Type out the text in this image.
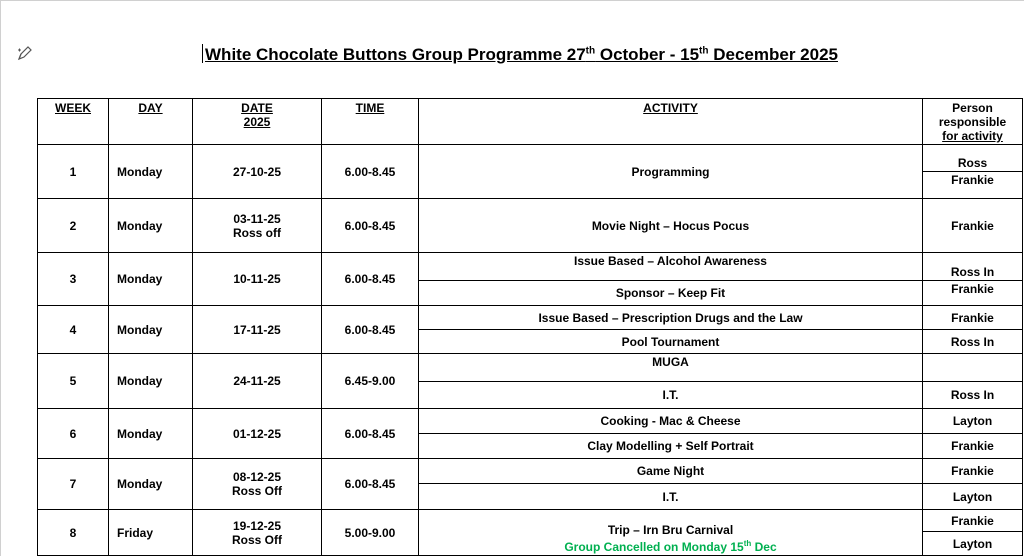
White Chocolate Buttons Group Programme 27th October - 15th December 2025
WEEK	DAY	DATE
2025	TIME	ACTIVITY	Person
responsible
for activity
1	Monday	27-10-25	6.00-8.45	Programming	Ross
					Frankie
2	Monday	03-11-25
Ross off	6.00-8.45	Movie Night – Hocus Pocus	Frankie
3	Monday	10-11-25	6.00-8.45	Issue Based – Alcohol Awareness	Ross In
				Sponsor – Keep Fit	Frankie
4	Monday	17-11-25	6.00-8.45	Issue Based – Prescription Drugs and the Law	Frankie
				Pool Tournament	Ross In
5	Monday	24-11-25	6.45-9.00	MUGA	
				I.T.	Ross In
6	Monday	01-12-25	6.00-8.45	Cooking - Mac & Cheese	Layton
				Clay Modelling + Self Portrait	Frankie
7	Monday	08-12-25
Ross Off	6.00-8.45	Game Night	Frankie
				I.T.	Layton
8	Friday	19-12-25
Ross Off	5.00-9.00	Trip – Irn Bru Carnival
Group Cancelled on Monday 15th Dec	Frankie
					Layton
